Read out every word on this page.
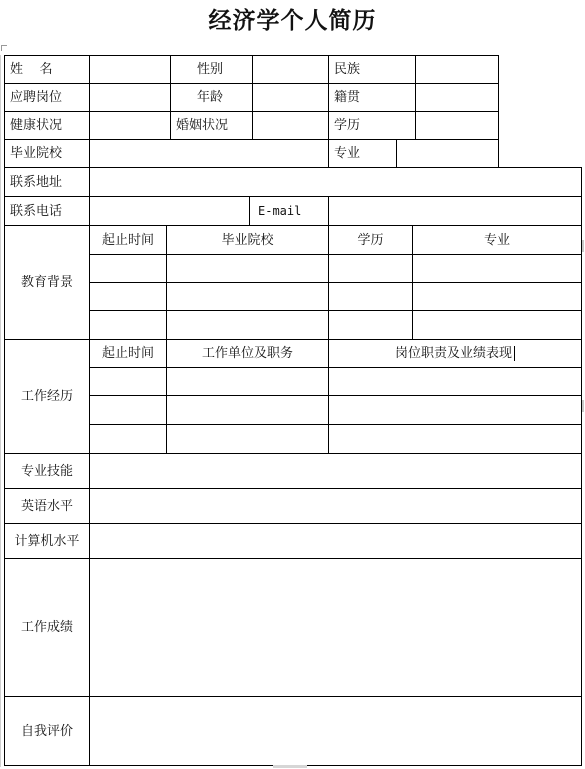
经济学个人简历
姓    名	性别	民族
应聘岗位	年龄	籍贯
健康状况	婚姻状况	学历
毕业院校	专业
联系地址
联系电话	E-mail
教育背景
起止时间	毕业院校	学历	专业
工作经历
起止时间	工作单位及职务	岗位职责及业绩表现
专业技能
英语水平
计算机水平
工作成绩
自我评价
